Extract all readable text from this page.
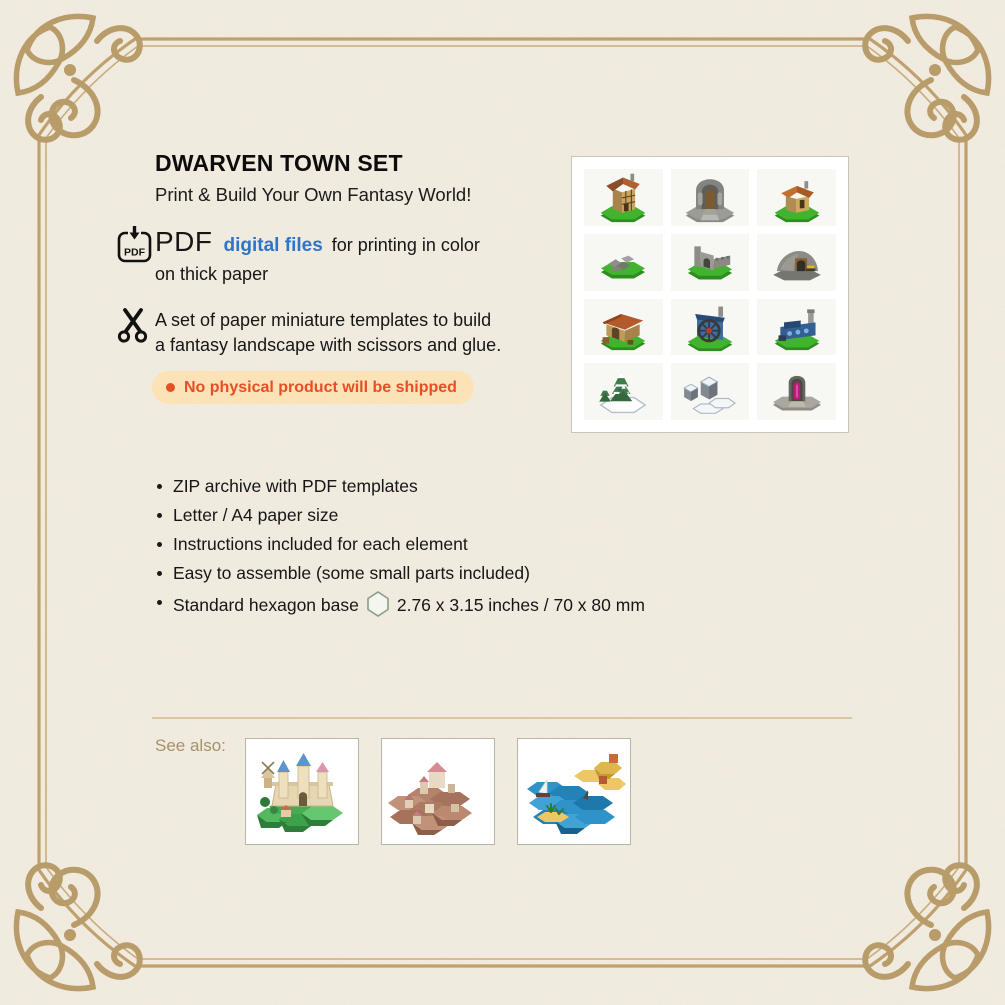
DWARVEN TOWN SET
Print & Build Your Own Fantasy World!
PDF PDF digital files for printing in color
on thick paper
A set of paper miniature templates to build
a fantasy landscape with scissors and glue.
No physical product will be shipped
ZIP archive with PDF templates
Letter / A4 paper size
Instructions included for each element
Easy to assemble (some small parts included)
Standard hexagon base 2.76 x 3.15 inches / 70 x 80 mm
See also:
